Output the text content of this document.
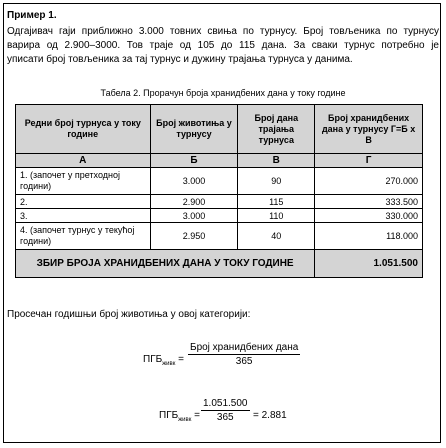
Пример 1.
Одгајивач гаји приближно 3.000 товних свиња по турнусу. Број товљеника по турнусу
варира од 2.900–3000. Тов траје од 105 до 115 дана. За сваки турнус потребно је
уписати број товљеника за тај турнус и дужину трајања турнуса у данима.
Табела 2. Прорачун броја хранидбених дана у току године
Редни број турнуса у току године	Број животиња у турнусу	Број дана трајања турнуса	Број хранидбених дана у турнусу Г=Б x В
А	Б	В	Г
1. (започет у претходној години)	3.000	90	270.000
2.	2.900	115	333.500
3.	3.000	110	330.000
4. (започет турнус у текућој години)	2.950	40	118.000
ЗБИР БРОЈА ХРАНИДБЕНИХ ДАНА У ТОКУ ГОДИНЕ			1.051.500
Просечан годишњи број животиња у овој категорији:
$ПГБ_{живк}$ =
Број хранидбених дана
365
$ПГБ_{живк} = \frac{1.051.500}{365} = 2.881$
